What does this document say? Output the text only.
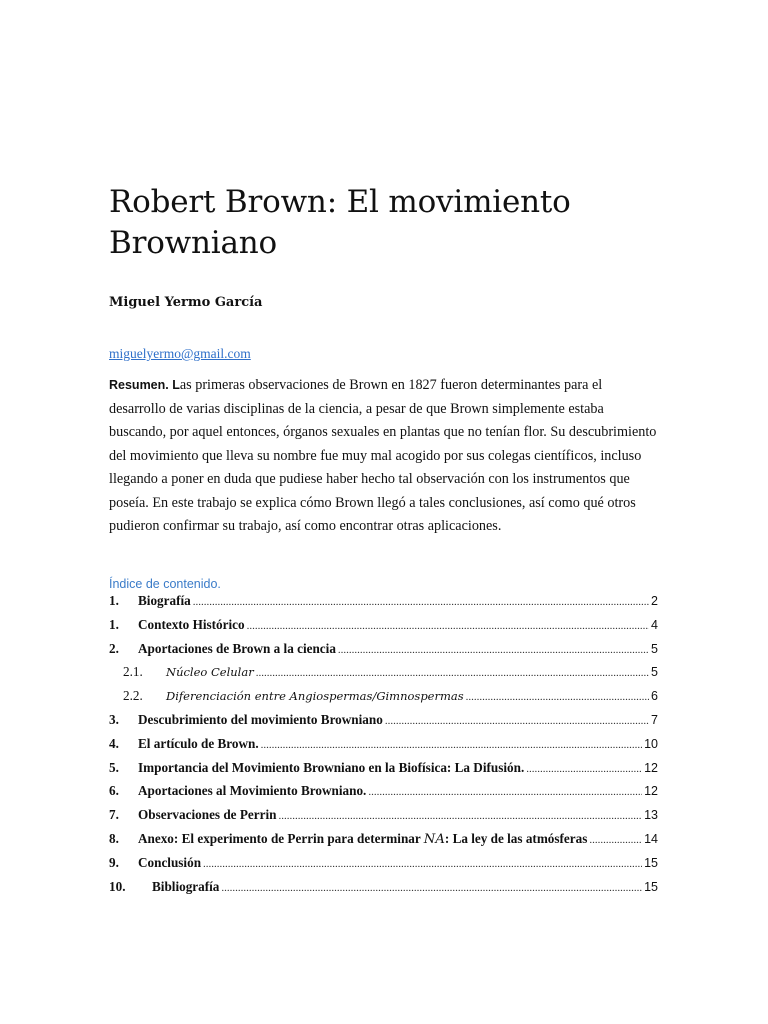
Robert Brown: El movimiento Browniano
Miguel Yermo García
miguelyermo@gmail.com

Resumen. Las primeras observaciones de Brown en 1827 fueron determinantes para el desarrollo de varias disciplinas de la ciencia, a pesar de que Brown simplemente estaba buscando, por aquel entonces, órganos sexuales en plantas que no tenían flor. Su descubrimiento del movimiento que lleva su nombre fue muy mal acogido por sus colegas científicos, incluso llegando a poner en duda que pudiese haber hecho tal observación con los instrumentos que poseía. En este trabajo se explica cómo Brown llegó a tales conclusiones, así como qué otros pudieron confirmar su trabajo, así como encontrar otras aplicaciones.

Índice de contenido.
1.	Biografía .....	2
1.	Contexto Histórico .....	4
2.	Aportaciones de Brown a la ciencia .....	5
2.1.	Núcleo Celular .....	5
2.2.	Diferenciación entre Angiospermas/Gimnospermas .....	6
3.	Descubrimiento del movimiento Browniano .....	7
4.	El artículo de Brown. .....	10
5.	Importancia del Movimiento Browniano en la Biofísica: La Difusión. .....	12
6.	Aportaciones al Movimiento Browniano. .....	12
7.	Observaciones de Perrin .....	13
8.	Anexo: El experimento de Perrin para determinar NA: La ley de las atmósferas .....	14
9.	Conclusión .....	15
10.	Bibliografía .....	15
